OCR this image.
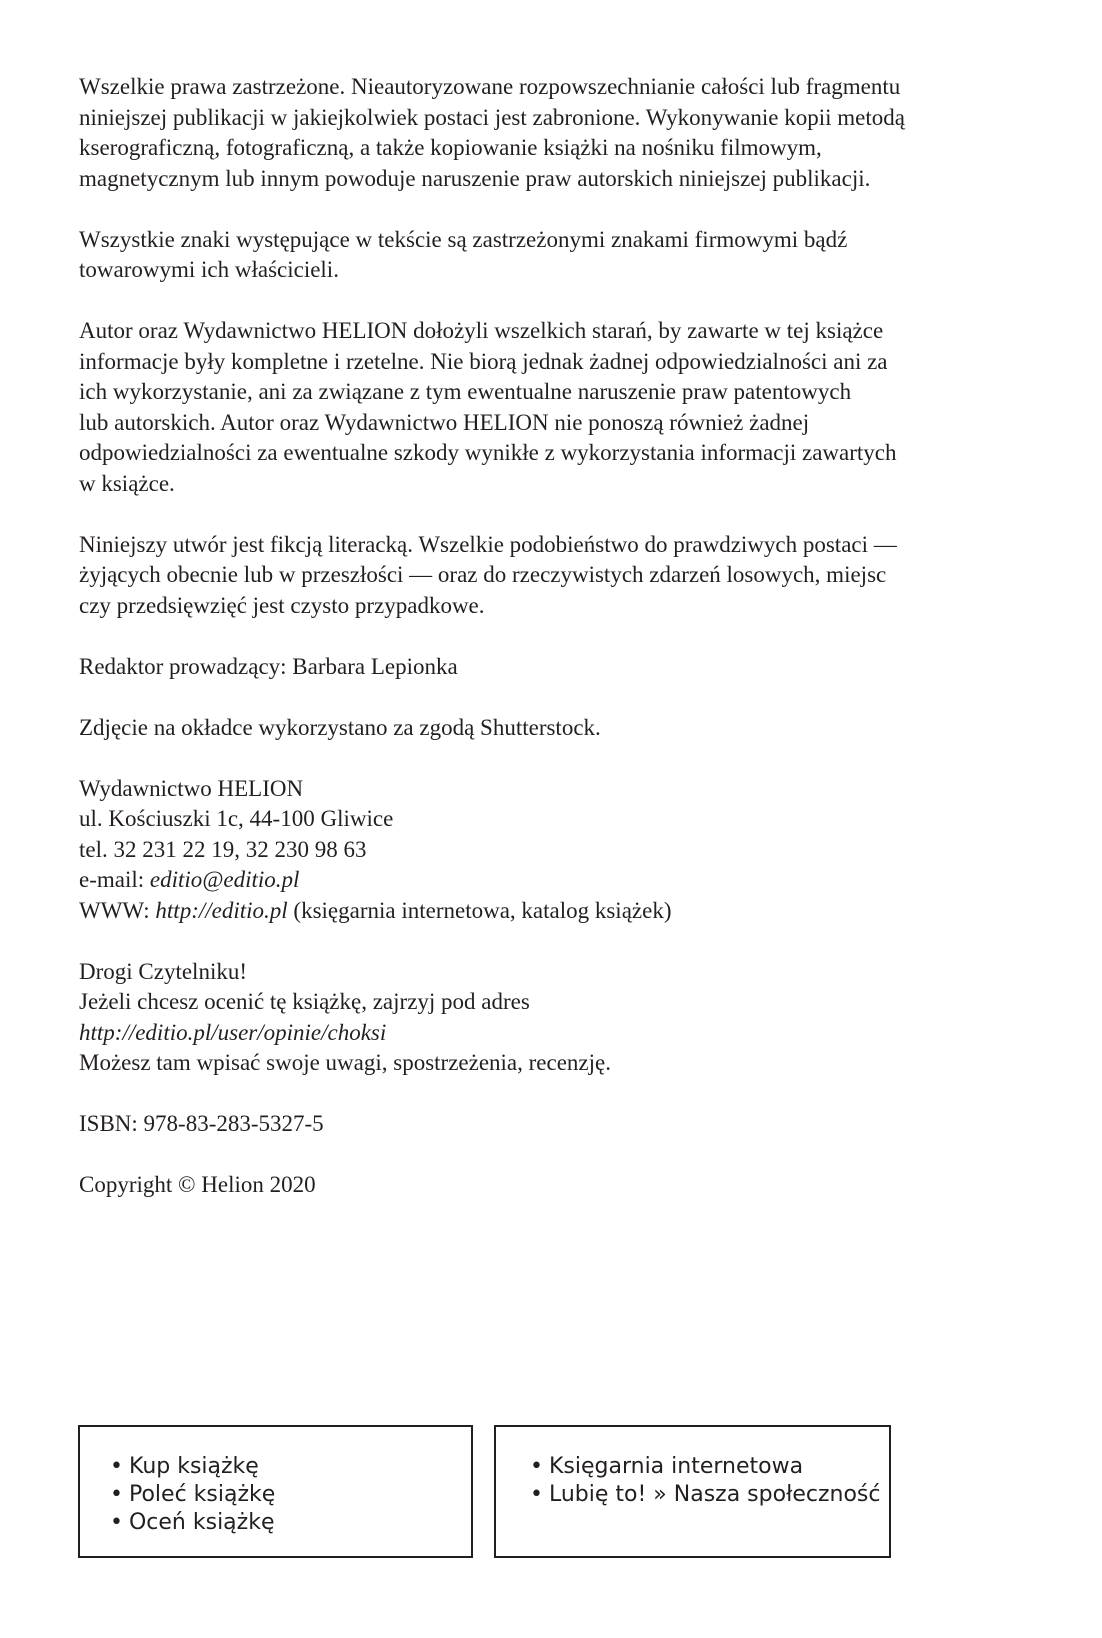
Wszelkie prawa zastrzeżone. Nieautoryzowane rozpowszechnianie całości lub fragmentu
niniejszej publikacji w jakiejkolwiek postaci jest zabronione. Wykonywanie kopii metodą
kserograficzną, fotograficzną, a także kopiowanie książki na nośniku filmowym,
magnetycznym lub innym powoduje naruszenie praw autorskich niniejszej publikacji.

Wszystkie znaki występujące w tekście są zastrzeżonymi znakami firmowymi bądź
towarowymi ich właścicieli.

Autor oraz Wydawnictwo HELION dołożyli wszelkich starań, by zawarte w tej książce
informacje były kompletne i rzetelne. Nie biorą jednak żadnej odpowiedzialności ani za
ich wykorzystanie, ani za związane z tym ewentualne naruszenie praw patentowych
lub autorskich. Autor oraz Wydawnictwo HELION nie ponoszą również żadnej
odpowiedzialności za ewentualne szkody wynikłe z wykorzystania informacji zawartych
w książce.

Niniejszy utwór jest fikcją literacką. Wszelkie podobieństwo do prawdziwych postaci —
żyjących obecnie lub w przeszłości — oraz do rzeczywistych zdarzeń losowych, miejsc
czy przedsięwzięć jest czysto przypadkowe.

Redaktor prowadzący: Barbara Lepionka

Zdjęcie na okładce wykorzystano za zgodą Shutterstock.

Wydawnictwo HELION
ul. Kościuszki 1c, 44-100 Gliwice
tel. 32 231 22 19, 32 230 98 63
e-mail: editio@editio.pl
WWW: http://editio.pl (księgarnia internetowa, katalog książek)

Drogi Czytelniku!
Jeżeli chcesz ocenić tę książkę, zajrzyj pod adres
http://editio.pl/user/opinie/choksi
Możesz tam wpisać swoje uwagi, spostrzeżenia, recenzję.

ISBN: 978-83-283-5327-5

Copyright © Helion 2020

• Kup książkę
• Poleć książkę
• Oceń książkę
• Księgarnia internetowa
• Lubię to! » Nasza społeczność
